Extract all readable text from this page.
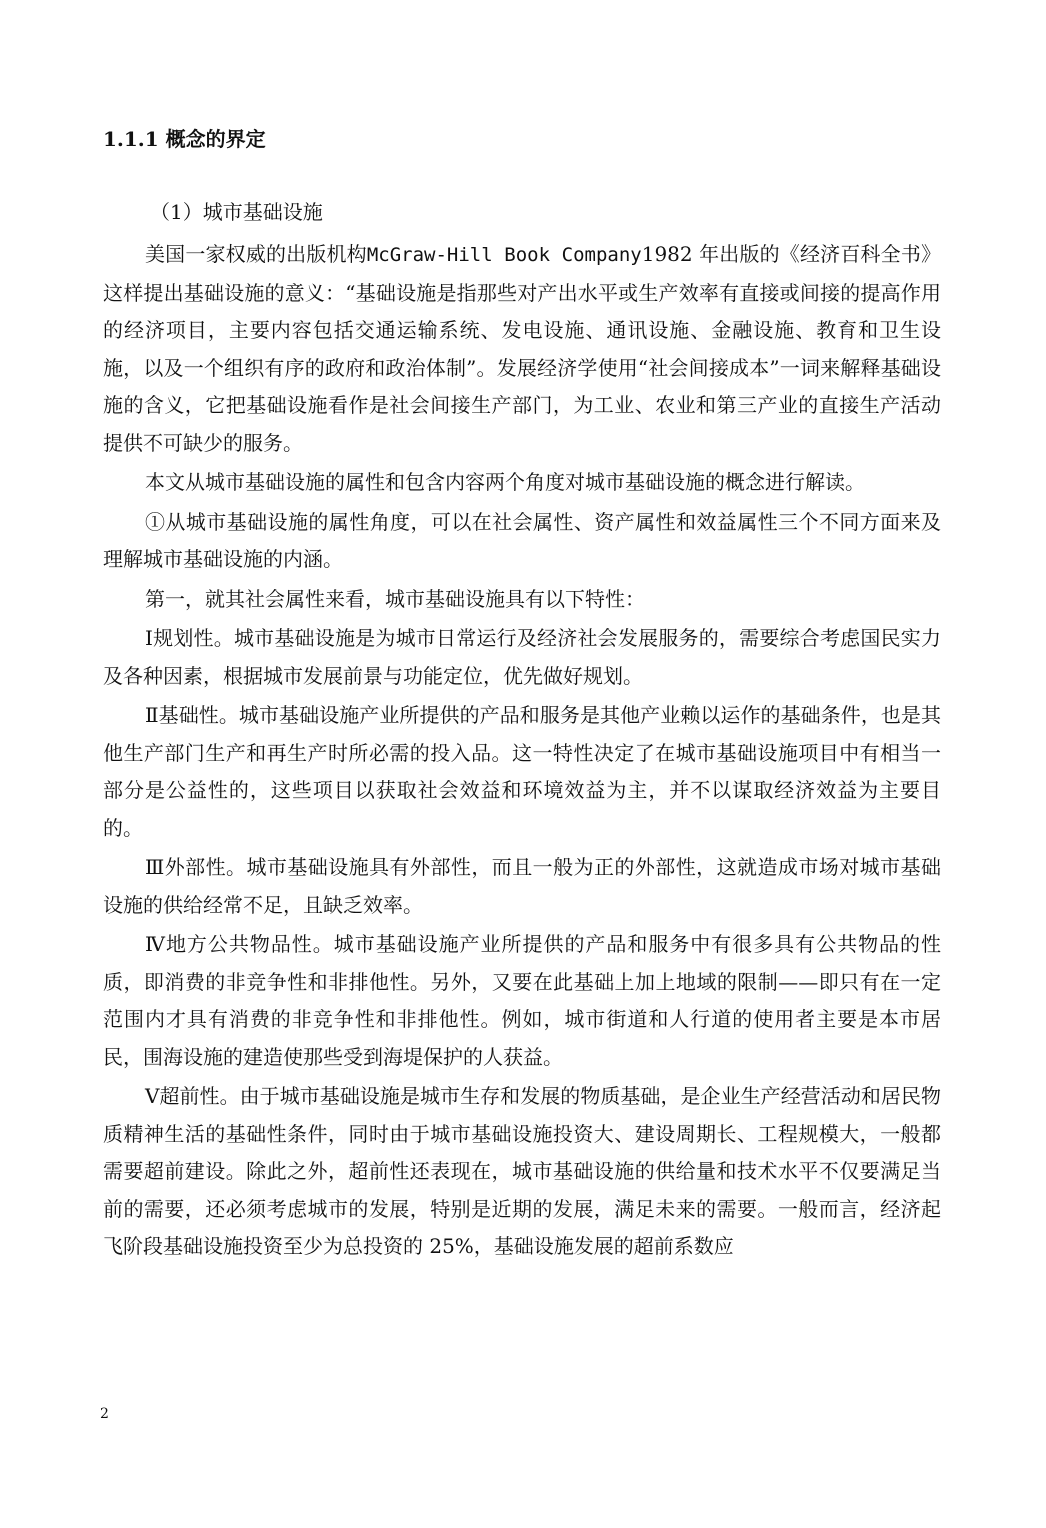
1.1.1 概念的界定
（1）城市基础设施

美国一家权威的出版机构McGraw-Hill Book Company1982 年出版的《经济百科全书》这样提出基础设施的意义：“基础设施是指那些对产出水平或生产效率有直接或间接的提高作用的经济项目，主要内容包括交通运输系统、发电设施、通讯设施、金融设施、教育和卫生设施，以及一个组织有序的政府和政治体制”。发展经济学使用“社会间接成本”一词来解释基础设施的含义，它把基础设施看作是社会间接生产部门，为工业、农业和第三产业的直接生产活动提供不可缺少的服务。

本文从城市基础设施的属性和包含内容两个角度对城市基础设施的概念进行解读。

①从城市基础设施的属性角度，可以在社会属性、资产属性和效益属性三个不同方面来及理解城市基础设施的内涵。

第一，就其社会属性来看，城市基础设施具有以下特性：

Ⅰ规划性。城市基础设施是为城市日常运行及经济社会发展服务的，需要综合考虑国民实力及各种因素，根据城市发展前景与功能定位，优先做好规划。

Ⅱ基础性。城市基础设施产业所提供的产品和服务是其他产业赖以运作的基础条件，也是其他生产部门生产和再生产时所必需的投入品。这一特性决定了在城市基础设施项目中有相当一部分是公益性的，这些项目以获取社会效益和环境效益为主，并不以谋取经济效益为主要目的。

Ⅲ外部性。城市基础设施具有外部性，而且一般为正的外部性，这就造成市场对城市基础设施的供给经常不足，且缺乏效率。

Ⅳ地方公共物品性。城市基础设施产业所提供的产品和服务中有很多具有公共物品的性质，即消费的非竞争性和非排他性。另外，又要在此基础上加上地域的限制——即只有在一定范围内才具有消费的非竞争性和非排他性。例如，城市街道和人行道的使用者主要是本市居民，围海设施的建造使那些受到海堤保护的人获益。

Ⅴ超前性。由于城市基础设施是城市生存和发展的物质基础，是企业生产经营活动和居民物质精神生活的基础性条件，同时由于城市基础设施投资大、建设周期长、工程规模大，一般都需要超前建设。除此之外，超前性还表现在，城市基础设施的供给量和技术水平不仅要满足当前的需要，还必须考虑城市的发展，特别是近期的发展，满足未来的需要。一般而言，经济起飞阶段基础设施投资至少为总投资的 25%，基础设施发展的超前系数应

2
